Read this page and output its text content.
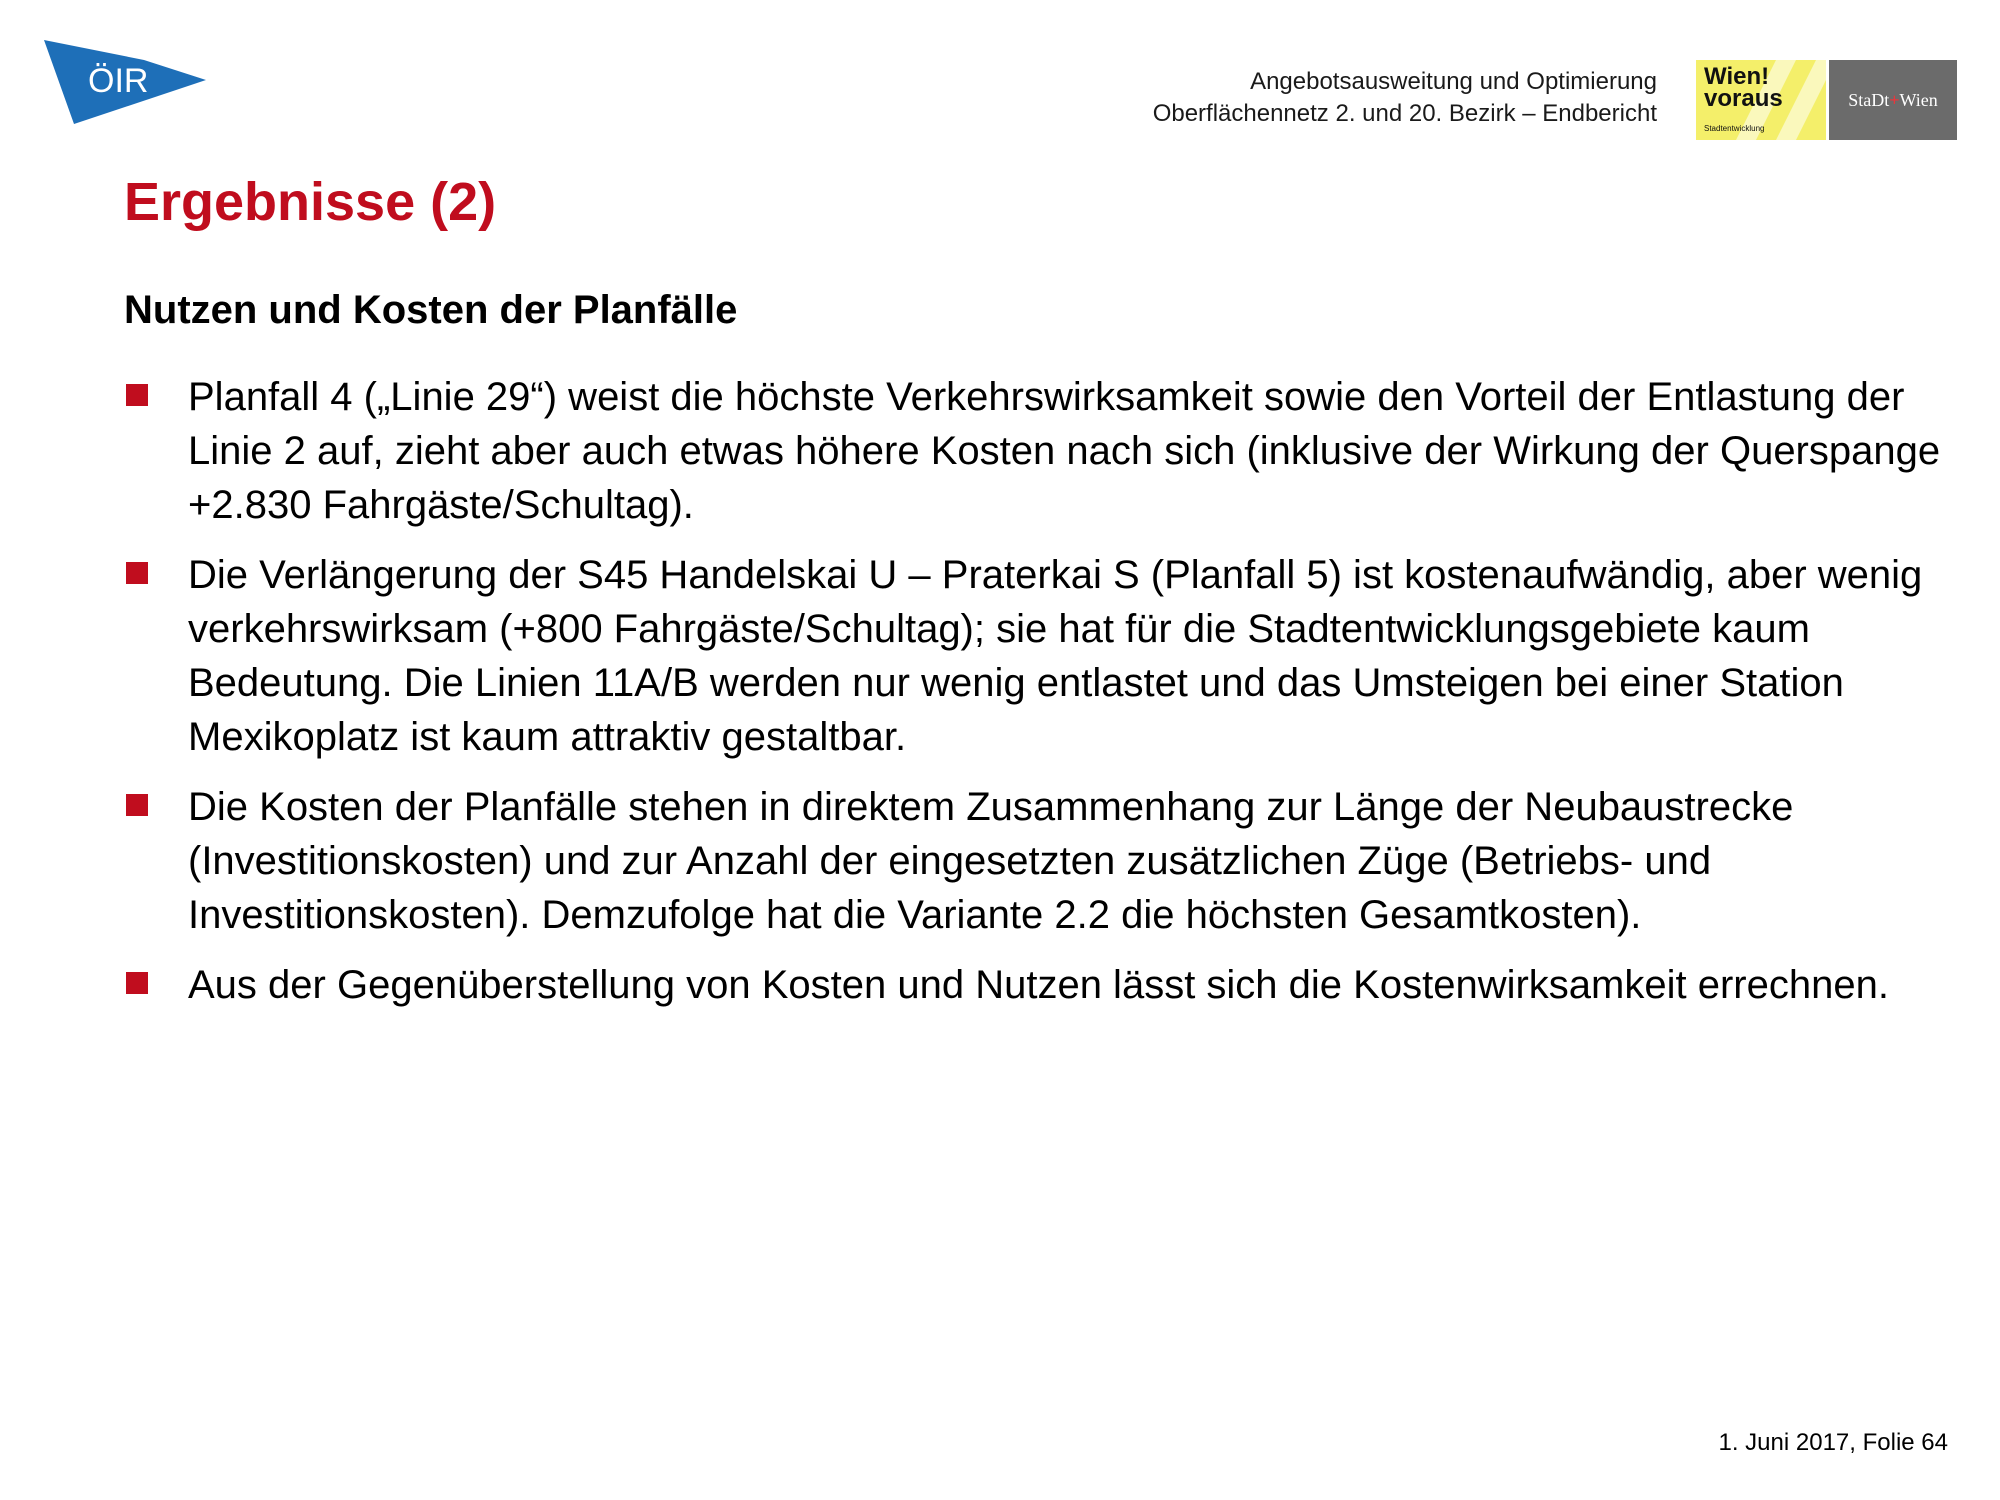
ÖIR	Angebotsausweitung und Optimierung
Oberflächennetz 2. und 20. Bezirk – Endbericht
Wien! voraus
Stadtentwicklung
StaDt + Wien
Ergebnisse (2)
Nutzen und Kosten der Planfälle
Planfall 4 („Linie 29“) weist die höchste Verkehrswirksamkeit sowie den Vorteil der Entlastung der Linie 2 auf, zieht aber auch etwas höhere Kosten nach sich (inklusive der Wirkung der Querspange +2.830 Fahrgäste/Schultag).
Die Verlängerung der S45 Handelskai U – Praterkai S (Planfall 5) ist kostenaufwändig, aber wenig verkehrswirksam (+800 Fahrgäste/Schultag); sie hat für die Stadtentwicklungsgebiete kaum Bedeutung. Die Linien 11A/B werden nur wenig entlastet und das Umsteigen bei einer Station Mexikoplatz ist kaum attraktiv gestaltbar.
Die Kosten der Planfälle stehen in direktem Zusammenhang zur Länge der Neubaustrecke (Investitionskosten) und zur Anzahl der eingesetzten zusätzlichen Züge (Betriebs- und Investitionskosten). Demzufolge hat die Variante 2.2 die höchsten Gesamtkosten).
Aus der Gegenüberstellung von Kosten und Nutzen lässt sich die Kostenwirksamkeit errechnen.
1. Juni 2017, Folie 64
